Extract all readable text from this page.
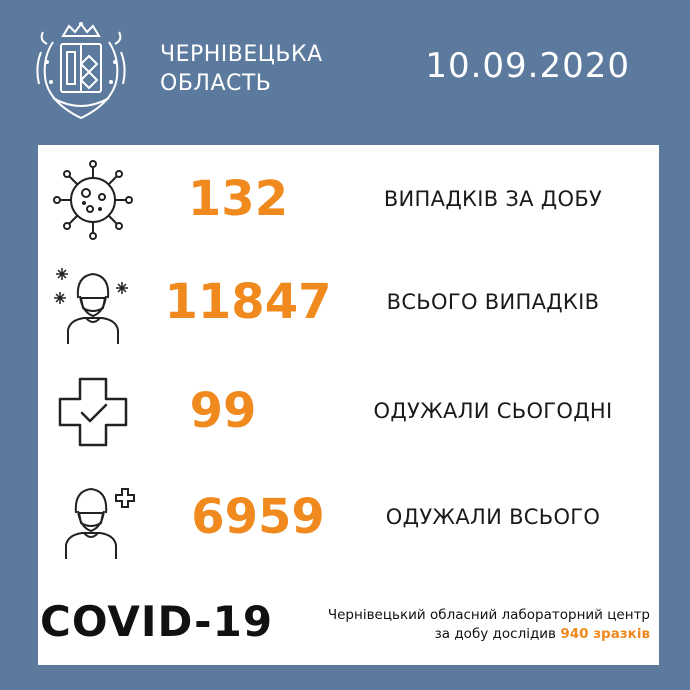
ЧЕРНІВЕЦЬКА
ОБЛАСТЬ	10.09.2020
132	ВИПАДКІВ ЗА ДОБУ
11847	ВСЬОГО ВИПАДКІВ
99	ОДУЖАЛИ СЬОГОДНІ
6959	ОДУЖАЛИ ВСЬОГО
COVID-19	Чернівецький обласний лабораторний центр
за добу дослідив 940 зразків
